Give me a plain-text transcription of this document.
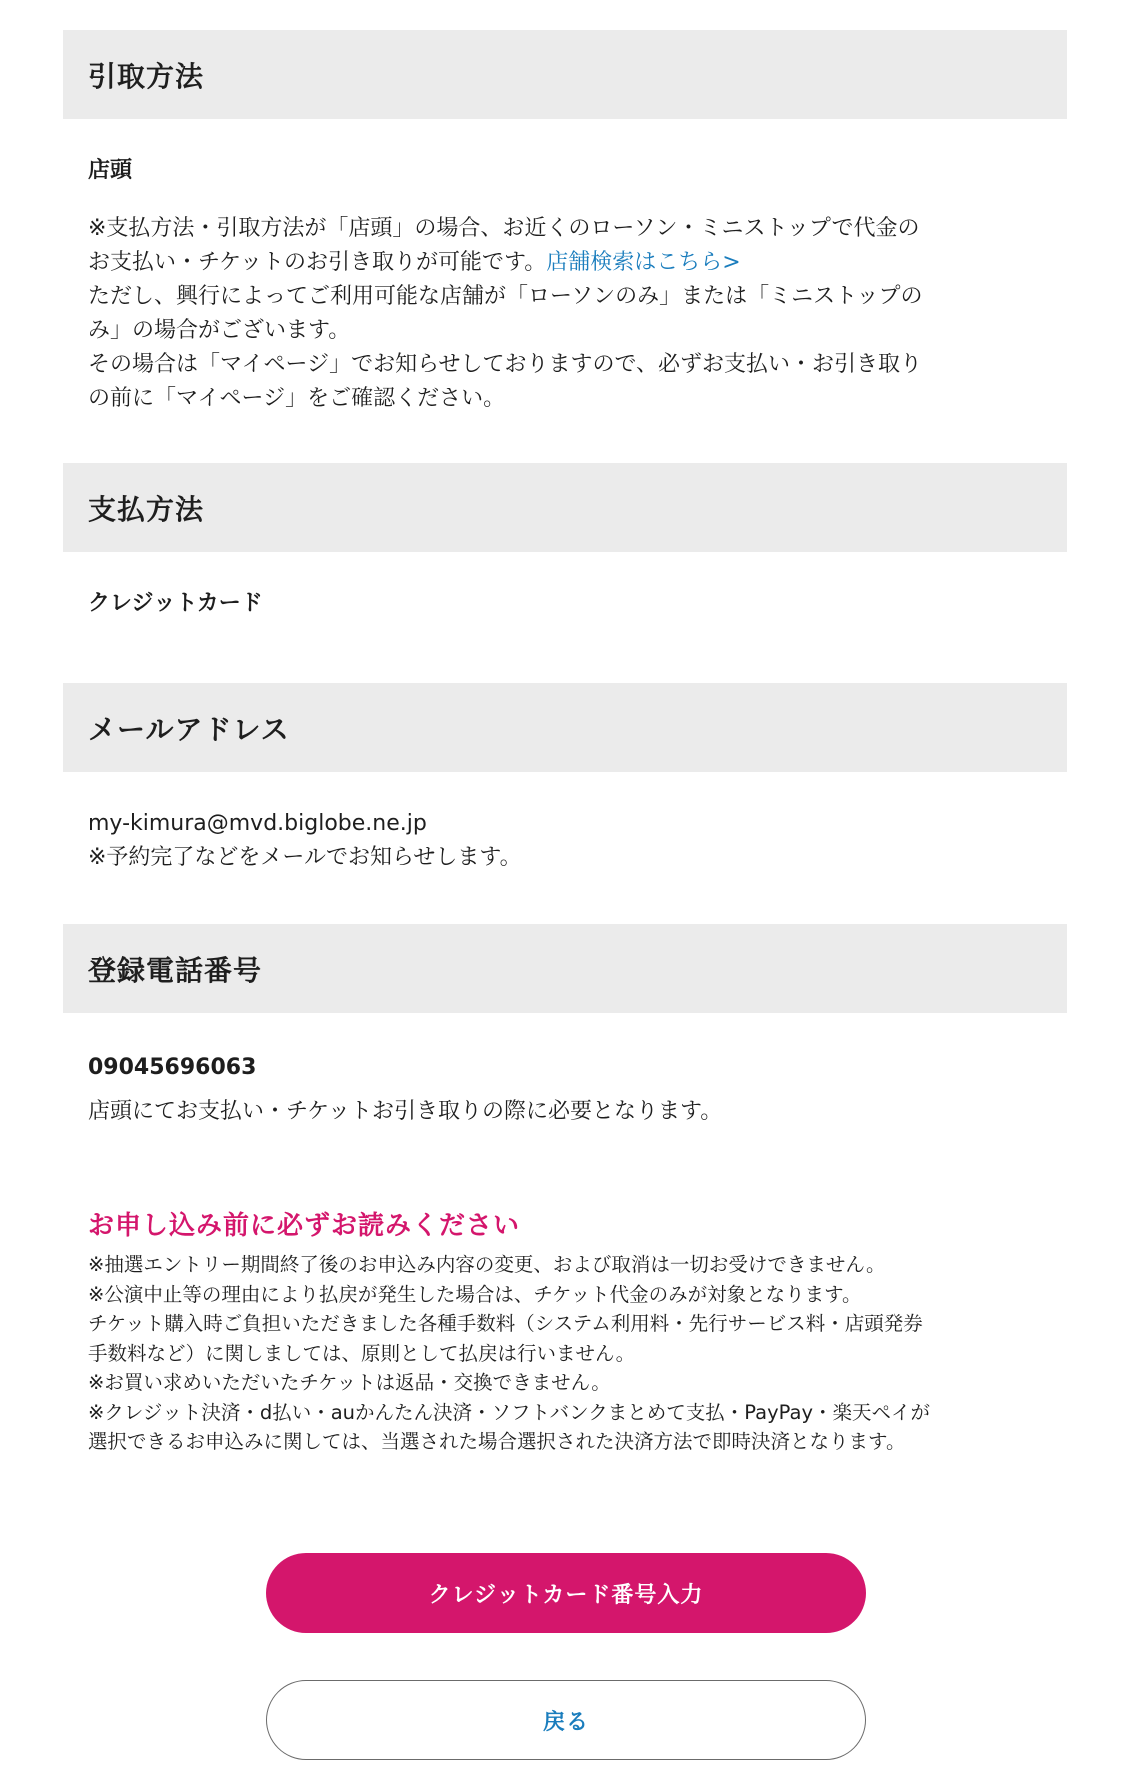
引取方法
店頭
※支払方法・引取方法が「店頭」の場合、お近くのローソン・ミニストップで代金の
お支払い・チケットのお引き取りが可能です。店舗検索はこちら>
ただし、興行によってご利用可能な店舗が「ローソンのみ」または「ミニストップの
み」の場合がございます。
その場合は「マイページ」でお知らせしておりますので、必ずお支払い・お引き取り
の前に「マイページ」をご確認ください。
支払方法
クレジットカード
メールアドレス
my-kimura@mvd.biglobe.ne.jp
※予約完了などをメールでお知らせします。
登録電話番号
09045696063
店頭にてお支払い・チケットお引き取りの際に必要となります。
お申し込み前に必ずお読みください

※抽選エントリー期間終了後のお申込み内容の変更、および取消は一切お受けできません。

※公演中止等の理由により払戻が発生した場合は、チケット代金のみが対象となります。

チケット購入時ご負担いただきました各種手数料（システム利用料・先行サービス料・店頭発券

手数料など）に関しましては、原則として払戻は行いません。

※お買い求めいただいたチケットは返品・交換できません。

※クレジット決済・d払い・auかんたん決済・ソフトバンクまとめて支払・PayPay・楽天ペイが

選択できるお申込みに関しては、当選された場合選択された決済方法で即時決済となります。

クレジットカード番号入力
戻る
